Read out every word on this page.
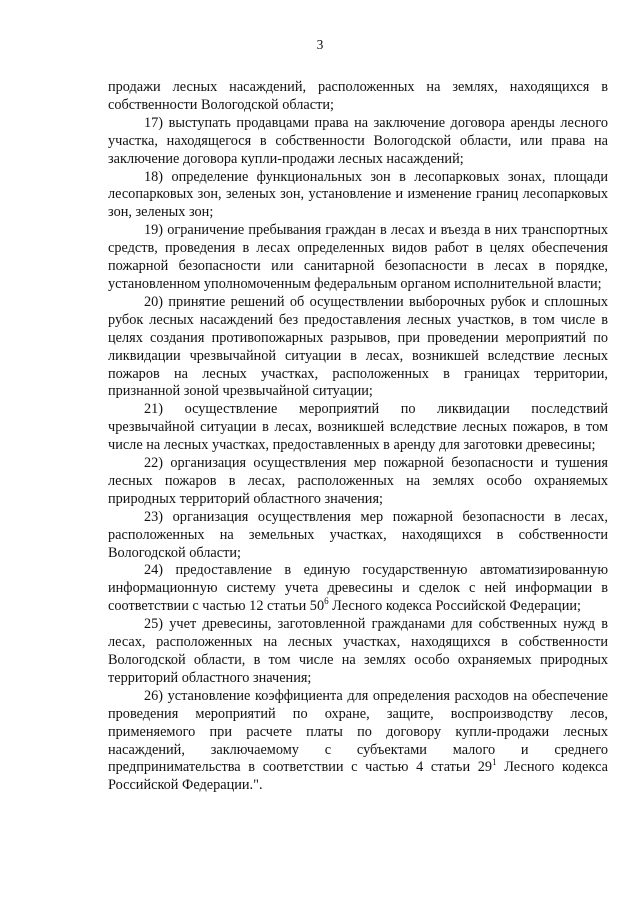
3

продажи лесных насаждений, расположенных на землях, находящихся в собственности Вологодской области;

17) выступать продавцами права на заключение договора аренды лесного участка, находящегося в собственности Вологодской области, или права на заключение договора купли-продажи лесных насаждений;

18) определение функциональных зон в лесопарковых зонах, площади лесопарковых зон, зеленых зон, установление и изменение границ лесопарковых зон, зеленых зон;

19) ограничение пребывания граждан в лесах и въезда в них транспортных средств, проведения в лесах определенных видов работ в целях обеспечения пожарной безопасности или санитарной безопасности в лесах в порядке, установленном уполномоченным федеральным органом исполнительной власти;

20) принятие решений об осуществлении выборочных рубок и сплошных рубок лесных насаждений без предоставления лесных участков, в том числе в целях создания противопожарных разрывов, при проведении мероприятий по ликвидации чрезвычайной ситуации в лесах, возникшей вследствие лесных пожаров на лесных участках, расположенных в границах территории, признанной зоной чрезвычайной ситуации;

21) осуществление мероприятий по ликвидации последствий чрезвычайной ситуации в лесах, возникшей вследствие лесных пожаров, в том числе на лесных участках, предоставленных в аренду для заготовки древесины;

22) организация осуществления мер пожарной безопасности и тушения лесных пожаров в лесах, расположенных на землях особо охраняемых природных территорий областного значения;

23) организация осуществления мер пожарной безопасности в лесах, расположенных на земельных участках, находящихся в собственности Вологодской области;

24) предоставление в единую государственную автоматизированную информационную систему учета древесины и сделок с ней информации в соответствии с частью 12 статьи $50^6$ Лесного кодекса Российской Федерации;

25) учет древесины, заготовленной гражданами для собственных нужд в лесах, расположенных на лесных участках, находящихся в собственности Вологодской области, в том числе на землях особо охраняемых природных территорий областного значения;

26) установление коэффициента для определения расходов на обеспечение проведения мероприятий по охране, защите, воспроизводству лесов, применяемого при расчете платы по договору купли-продажи лесных насаждений, заключаемому с субъектами малого и среднего предпринимательства в соответствии с частью 4 статьи $29^1$ Лесного кодекса Российской Федерации.".
